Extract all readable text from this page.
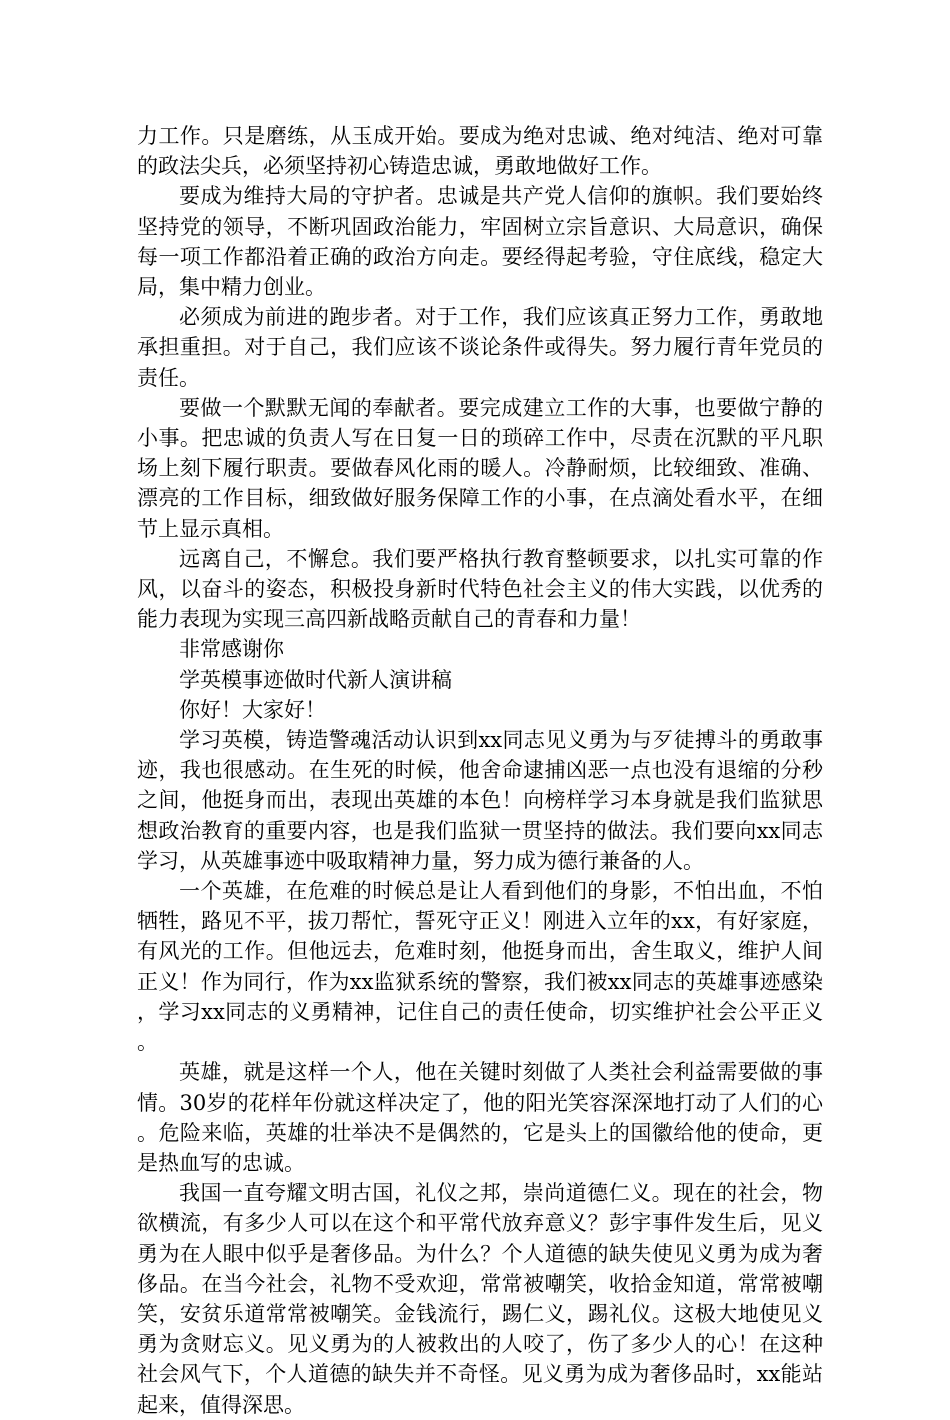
力工作。只是磨练，从玉成开始。要成为绝对忠诚、绝对纯洁、绝对可靠的政法尖兵，必须坚持初心铸造忠诚，勇敢地做好工作。

要成为维持大局的守护者。忠诚是共产党人信仰的旗帜。我们要始终坚持党的领导，不断巩固政治能力，牢固树立宗旨意识、大局意识，确保每一项工作都沿着正确的政治方向走。要经得起考验，守住底线，稳定大局，集中精力创业。

必须成为前进的跑步者。对于工作，我们应该真正努力工作，勇敢地承担重担。对于自己，我们应该不谈论条件或得失。努力履行青年党员的责任。

要做一个默默无闻的奉献者。要完成建立工作的大事，也要做宁静的小事。把忠诚的负责人写在日复一日的琐碎工作中，尽责在沉默的平凡职场上刻下履行职责。要做春风化雨的暖人。冷静耐烦，比较细致、准确、漂亮的工作目标，细致做好服务保障工作的小事，在点滴处看水平，在细节上显示真相。

远离自己，不懈怠。我们要严格执行教育整顿要求，以扎实可靠的作风，以奋斗的姿态，积极投身新时代特色社会主义的伟大实践，以优秀的能力表现为实现三高四新战略贡献自己的青春和力量！

非常感谢你

学英模事迹做时代新人演讲稿

你好！大家好！

学习英模，铸造警魂活动认识到xx同志见义勇为与歹徒搏斗的勇敢事迹，我也很感动。在生死的时候，他舍命逮捕凶恶一点也没有退缩的分秒之间，他挺身而出，表现出英雄的本色！向榜样学习本身就是我们监狱思想政治教育的重要内容，也是我们监狱一贯坚持的做法。我们要向xx同志学习，从英雄事迹中吸取精神力量，努力成为德行兼备的人。

一个英雄，在危难的时候总是让人看到他们的身影，不怕出血，不怕牺牲，路见不平，拔刀帮忙，誓死守正义！刚进入立年的xx，有好家庭，有风光的工作。但他远去，危难时刻，他挺身而出，舍生取义，维护人间正义！作为同行，作为xx监狱系统的警察，我们被xx同志的英雄事迹感染，学习xx同志的义勇精神，记住自己的责任使命，切实维护社会公平正义。

英雄，就是这样一个人，他在关键时刻做了人类社会利益需要做的事情。30岁的花样年份就这样决定了，他的阳光笑容深深地打动了人们的心。危险来临，英雄的壮举决不是偶然的，它是头上的国徽给他的使命，更是热血写的忠诚。

我国一直夸耀文明古国，礼仪之邦，崇尚道德仁义。现在的社会，物欲横流，有多少人可以在这个和平常代放弃意义？彭宇事件发生后，见义勇为在人眼中似乎是奢侈品。为什么？个人道德的缺失使见义勇为成为奢侈品。在当今社会，礼物不受欢迎，常常被嘲笑，收拾金知道，常常被嘲笑，安贫乐道常常被嘲笑。金钱流行，踢仁义，踢礼仪。这极大地使见义勇为贪财忘义。见义勇为的人被救出的人咬了，伤了多少人的心！在这种社会风气下，个人道德的缺失并不奇怪。见义勇为成为奢侈品时，xx能站起来，值得深思。
